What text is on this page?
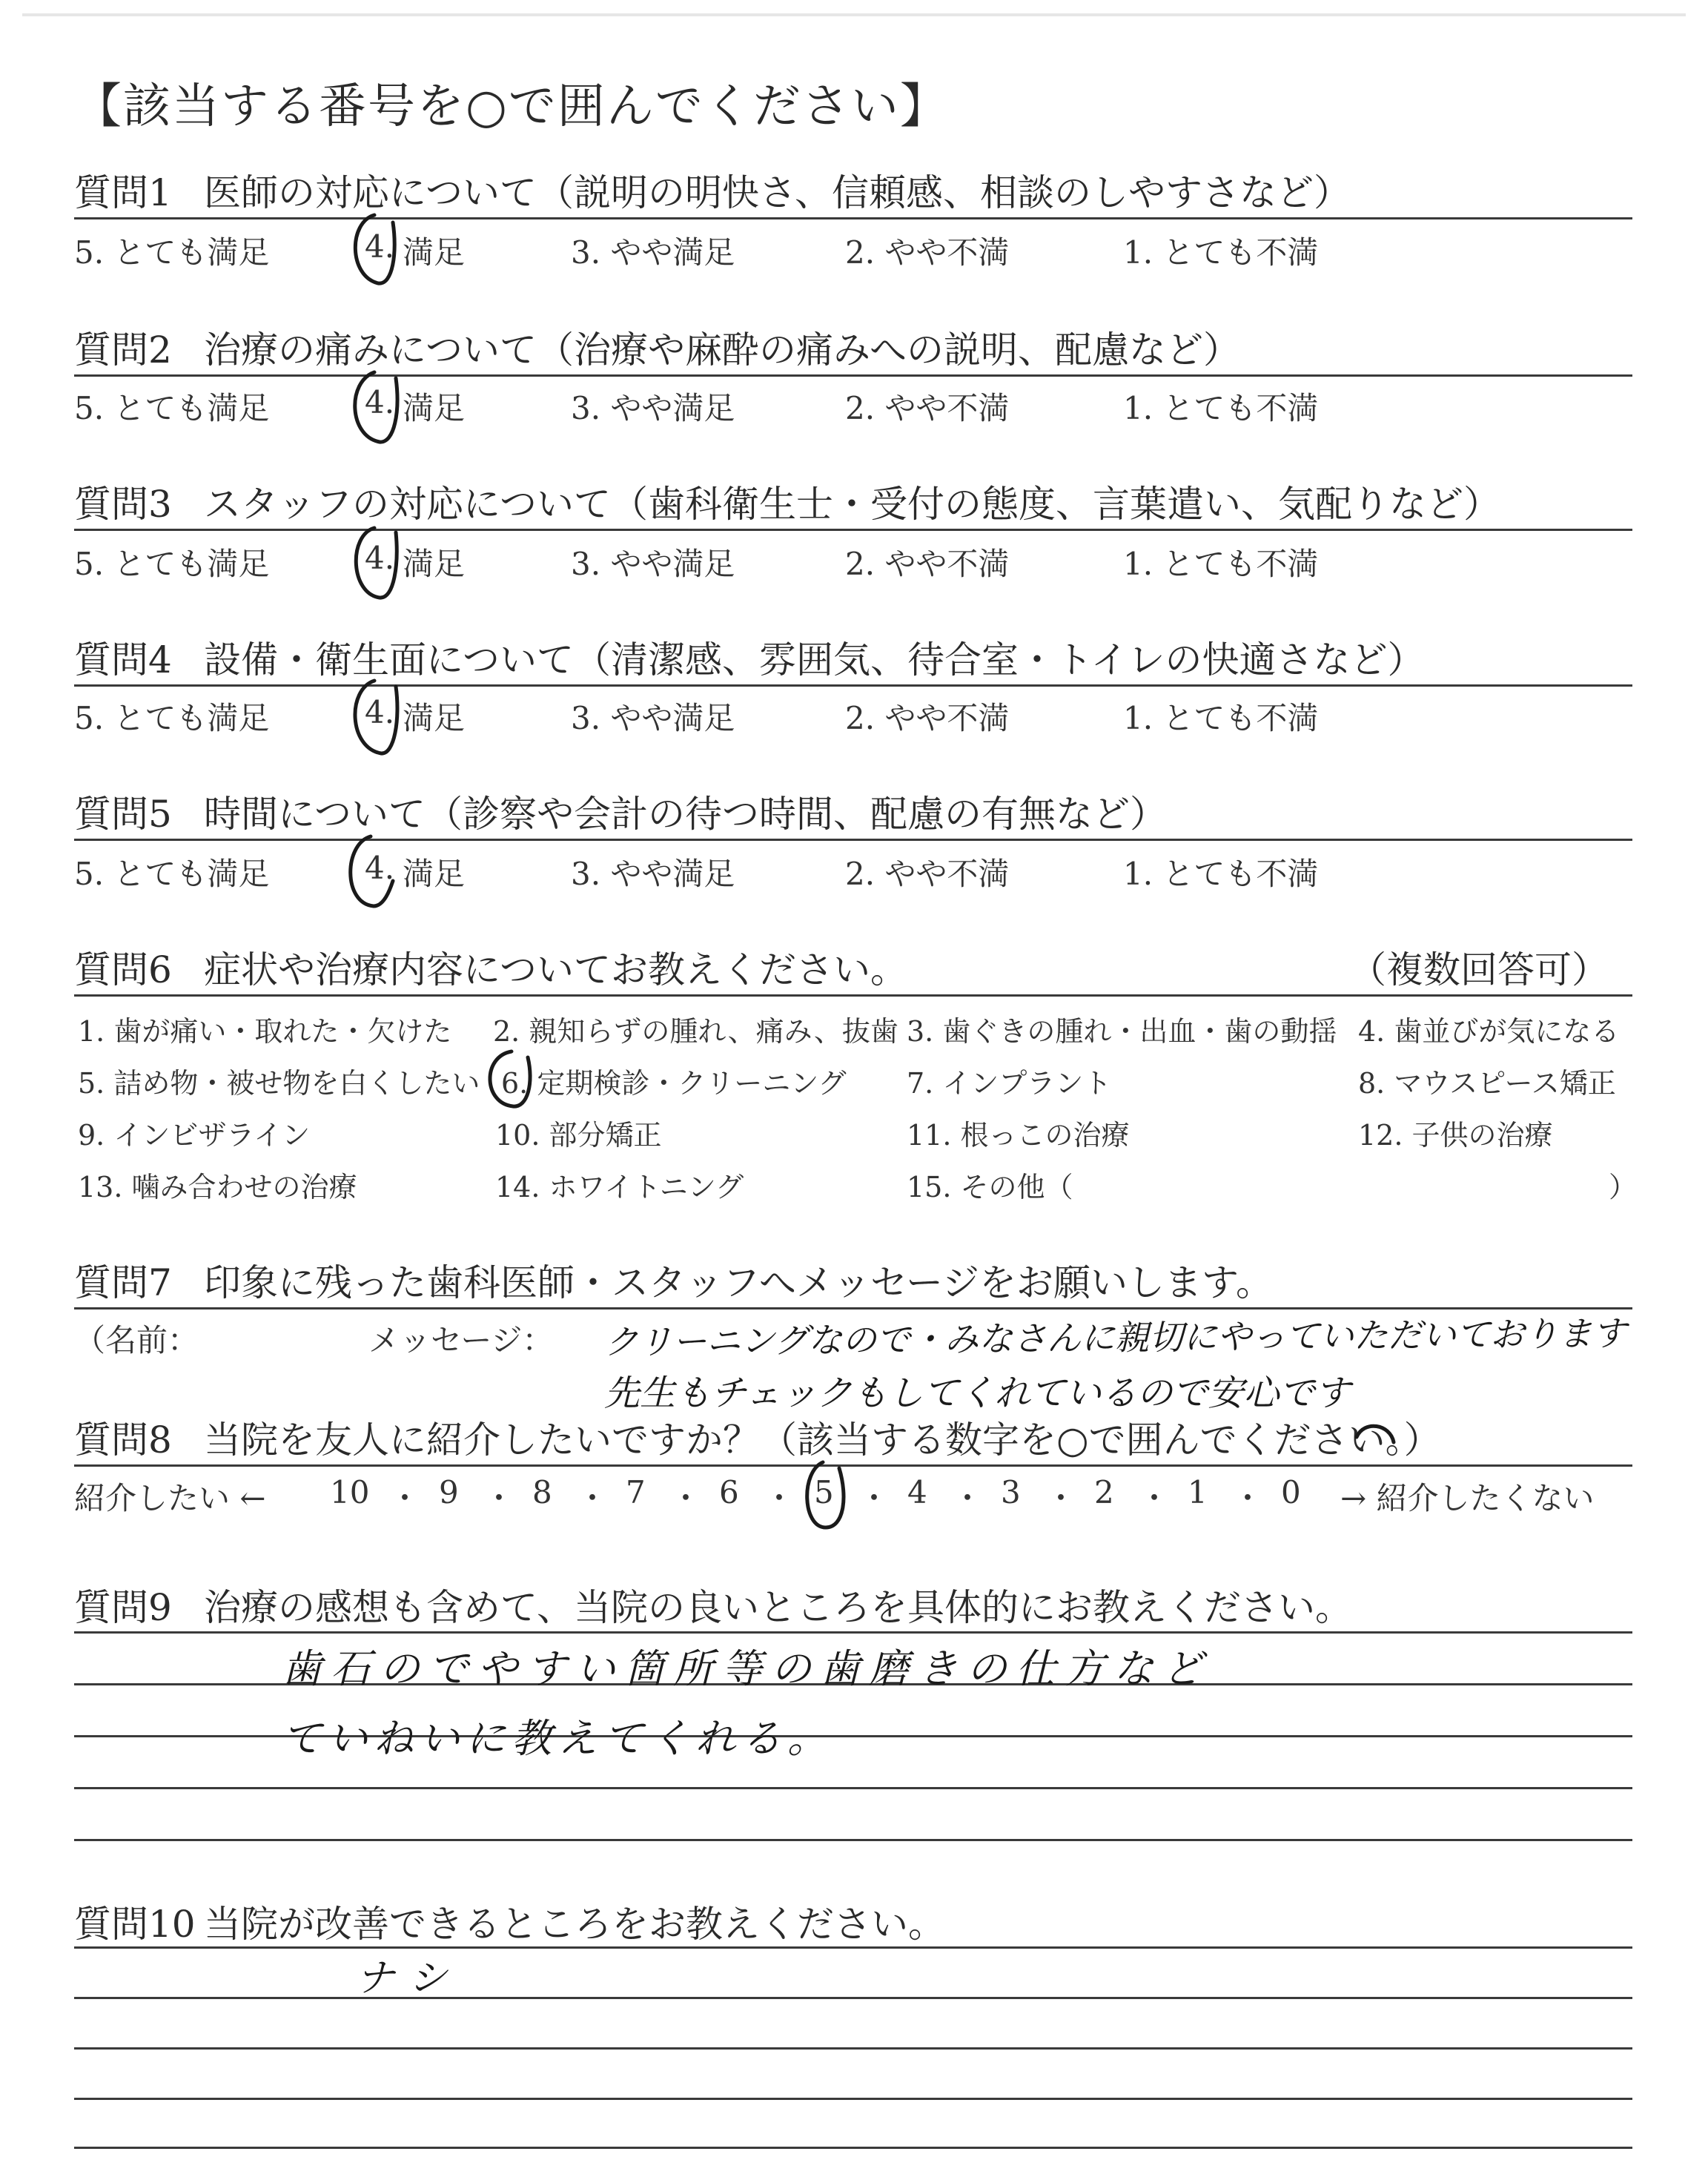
【該当する番号を○で囲んでください】
質問1 医師の対応について（説明の明快さ、信頼感、相談のしやすさなど）
5. とても満足	4. 満足	3. やや満足	2. やや不満	1. とても不満
質問2 治療の痛みについて（治療や麻酔の痛みへの説明、配慮など）
5. とても満足	4. 満足	3. やや満足	2. やや不満	1. とても不満
質問3 スタッフの対応について（歯科衛生士・受付の態度、言葉遣い、気配りなど）
5. とても満足	4. 満足	3. やや満足	2. やや不満	1. とても不満
質問4 設備・衛生面について（清潔感、雰囲気、待合室・トイレの快適さなど）
5. とても満足	4. 満足	3. やや満足	2. やや不満	1. とても不満
質問5 時間について（診察や会計の待つ時間、配慮の有無など）
5. とても満足	4. 満足	3. やや満足	2. やや不満	1. とても不満
質問6 症状や治療内容についてお教えください。	（複数回答可）
1. 歯が痛い・取れた・欠けた 2. 親知らずの腫れ、痛み、抜歯 3. 歯ぐきの腫れ・出血・歯の動揺 4. 歯並びが気になる
5. 詰め物・被せ物を白くしたい 6. 定期検診・クリーニング 7. インプラント	8. マウスピース矯正
9. インビザライン	10. 部分矯正	11. 根っこの治療	12. 子供の治療
13. 噛み合わせの治療	14. ホワイトニング	15. その他（	）
質問7 印象に残った歯科医師・スタッフへメッセージをお願いします。
（名前：	メッセージ： クリーニングなので・みなさんに親切にやっていただいております
先生もチェックもしてくれているので安心です
質問8 当院を友人に紹介したいですか？（該当する数字を○で囲んでください。）
紹介したい ← 10 ・ 9 ・ 8 ・ 7 ・ 6 ・ 5 ・ 4 ・ 3 ・ 2 ・ 1 ・ 0 → 紹介したくない
質問9 治療の感想も含めて、当院の良いところを具体的にお教えください。
歯石のでやすい箇所等の歯磨きの仕方など
ていねいに教えてくれる。
質問10 当院が改善できるところをお教えください。
ナシ
